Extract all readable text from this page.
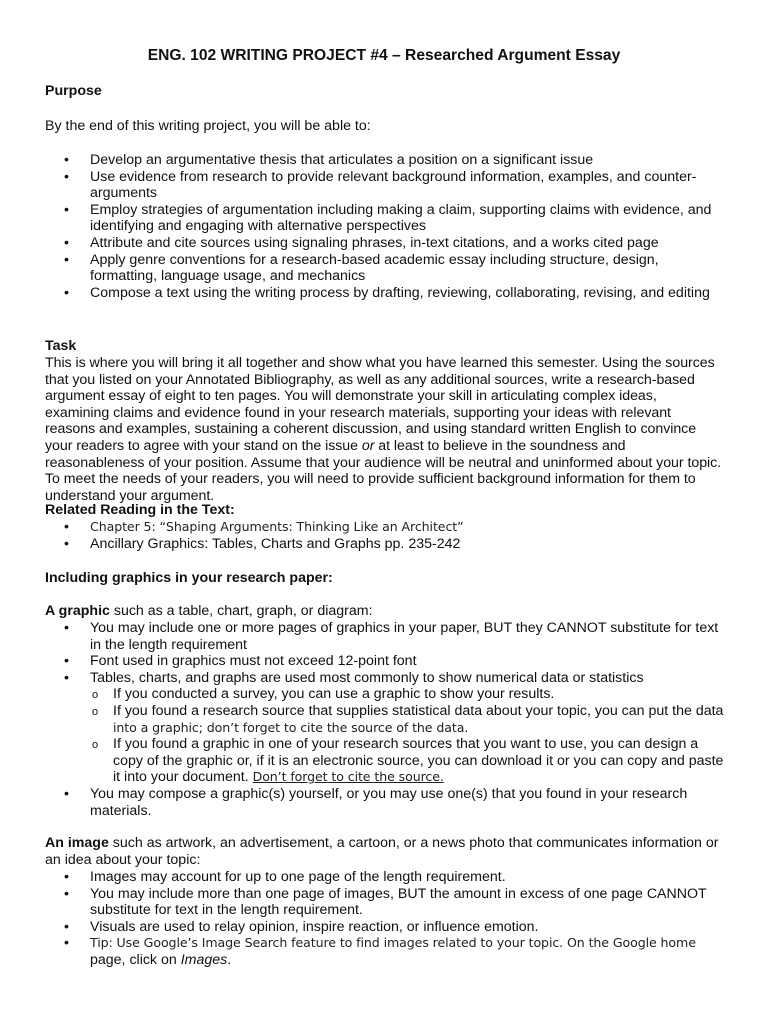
ENG. 102 WRITING PROJECT #4 – Researched Argument Essay
Purpose
By the end of this writing project, you will be able to:
• Develop an argumentative thesis that articulates a position on a significant issue
• Use evidence from research to provide relevant background information, examples, and counter-arguments
• Employ strategies of argumentation including making a claim, supporting claims with evidence, and identifying and engaging with alternative perspectives
• Attribute and cite sources using signaling phrases, in-text citations, and a works cited page
• Apply genre conventions for a research-based academic essay including structure, design, formatting, language usage, and mechanics
• Compose a text using the writing process by drafting, reviewing, collaborating, revising, and editing
Task

This is where you will bring it all together and show what you have learned this semester. Using the sources that you listed on your Annotated Bibliography, as well as any additional sources, write a research-based argument essay of eight to ten pages. You will demonstrate your skill in articulating complex ideas, examining claims and evidence found in your research materials, supporting your ideas with relevant reasons and examples, sustaining a coherent discussion, and using standard written English to convince your readers to agree with your stand on the issue or at least to believe in the soundness and reasonableness of your position. Assume that your audience will be neutral and uninformed about your topic. To meet the needs of your readers, you will need to provide sufficient background information for them to understand your argument.

Related Reading in the Text:
• Chapter 5: “Shaping Arguments: Thinking Like an Architect”
• Ancillary Graphics: Tables, Charts and Graphs pp. 235-242
Including graphics in your research paper:
A graphic such as a table, chart, graph, or diagram:
• You may include one or more pages of graphics in your paper, BUT they CANNOT substitute for text in the length requirement
• Font used in graphics must not exceed 12-point font
• Tables, charts, and graphs are used most commonly to show numerical data or statistics
o If you conducted a survey, you can use a graphic to show your results.
o If you found a research source that supplies statistical data about your topic, you can put the data into a graphic; don’t forget to cite the source of the data.
o If you found a graphic in one of your research sources that you want to use, you can design a copy of the graphic or, if it is an electronic source, you can download it or you can copy and paste it into your document. Don’t forget to cite the source.
• You may compose a graphic(s) yourself, or you may use one(s) that you found in your research materials.
An image such as artwork, an advertisement, a cartoon, or a news photo that communicates information or an idea about your topic:
• Images may account for up to one page of the length requirement.
• You may include more than one page of images, BUT the amount in excess of one page CANNOT substitute for text in the length requirement.
• Visuals are used to relay opinion, inspire reaction, or influence emotion.
• Tip: Use Google’s Image Search feature to find images related to your topic. On the Google home page, click on Images.
